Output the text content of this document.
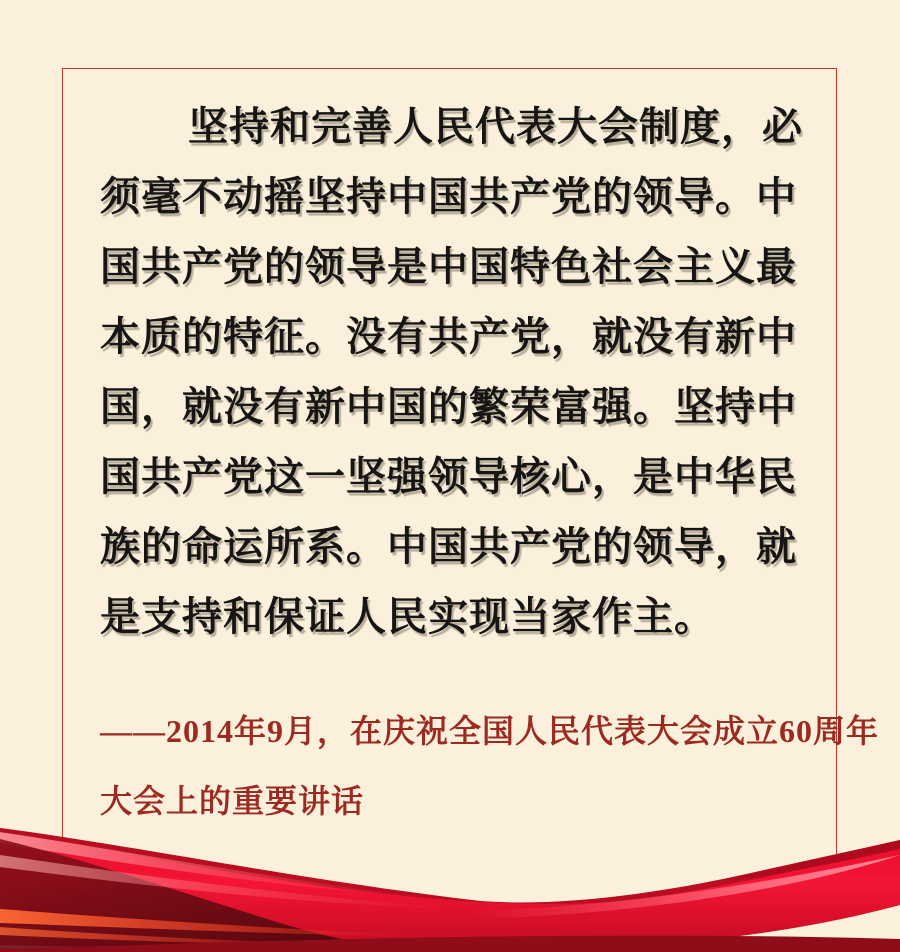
坚持和完善人民代表大会制度，必
须毫不动摇坚持中国共产党的领导。中
国共产党的领导是中国特色社会主义最
本质的特征。没有共产党，就没有新中
国，就没有新中国的繁荣富强。坚持中
国共产党这一坚强领导核心，是中华民
族的命运所系。中国共产党的领导，就
是支持和保证人民实现当家作主。
——2014年9月，在庆祝全国人民代表大会成立60周年
大会上的重要讲话
